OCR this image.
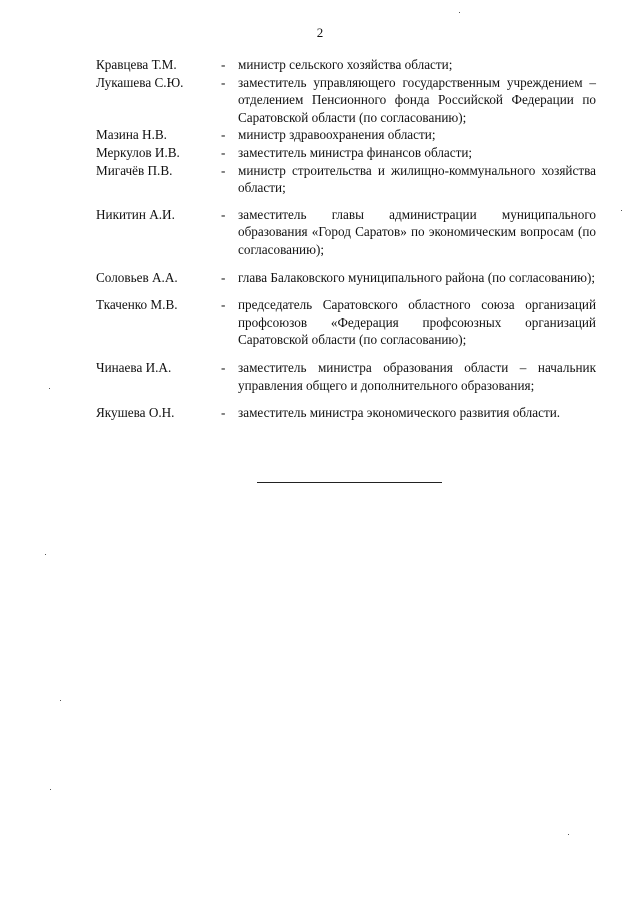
2
Кравцева Т.М.	- министр сельского хозяйства области;
Лукашева С.Ю.	- заместитель управляющего государственным учреждением – отделением Пенсионного фонда Российской Федерации по Саратовской области (по согласованию);
Мазина Н.В.	- министр здравоохранения области;
Меркулов И.В.	- заместитель министра финансов области;
Мигачёв П.В.	- министр строительства и жилищно-коммунального хозяйства области;
Никитин А.И.	- заместитель главы администрации муниципального образования «Город Саратов» по экономическим вопросам (по согласованию);
Соловьев А.А.	- глава Балаковского муниципального района (по согласованию);
Ткаченко М.В.	- председатель Саратовского областного союза организаций профсоюзов «Федерация профсоюзных организаций Саратовской области (по согласованию);
Чинаева И.А.	- заместитель министра образования области – начальник управления общего и дополнительного образования;
Якушева О.Н.	- заместитель министра экономического развития области.
